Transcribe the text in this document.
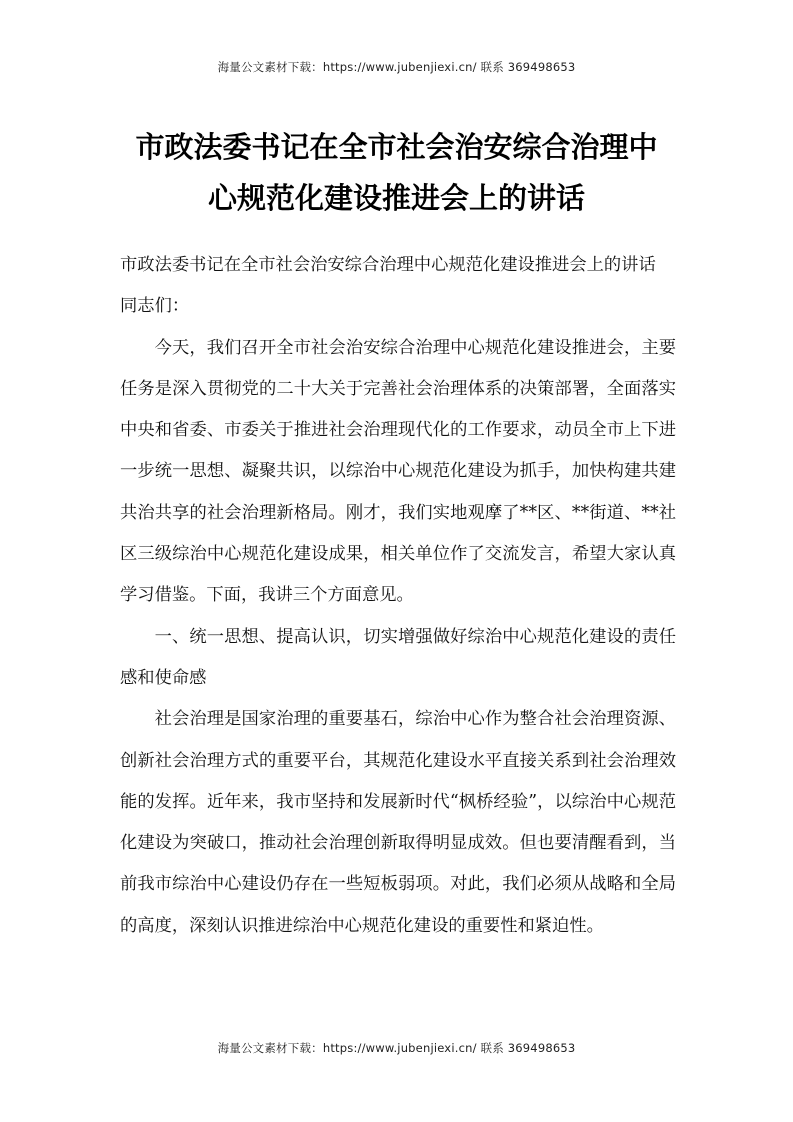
海量公文素材下载：https://www.jubenjiexi.cn/ 联系 369498653
市政法委书记在全市社会治安综合治理中
心规范化建设推进会上的讲话

市政法委书记在全市社会治安综合治理中心规范化建设推进会上的讲话

同志们：

今天，我们召开全市社会治安综合治理中心规范化建设推进会，主要任务是深入贯彻党的二十大关于完善社会治理体系的决策部署，全面落实中央和省委、市委关于推进社会治理现代化的工作要求，动员全市上下进一步统一思想、凝聚共识，以综治中心规范化建设为抓手，加快构建共建共治共享的社会治理新格局。刚才，我们实地观摩了**区、**街道、**社区三级综治中心规范化建设成果，相关单位作了交流发言，希望大家认真学习借鉴。下面，我讲三个方面意见。

一、统一思想、提高认识，切实增强做好综治中心规范化建设的责任感和使命感

社会治理是国家治理的重要基石，综治中心作为整合社会治理资源、创新社会治理方式的重要平台，其规范化建设水平直接关系到社会治理效能的发挥。近年来，我市坚持和发展新时代“枫桥经验”，以综治中心规范化建设为突破口，推动社会治理创新取得明显成效。但也要清醒看到，当前我市综治中心建设仍存在一些短板弱项。对此，我们必须从战略和全局的高度，深刻认识推进综治中心规范化建设的重要性和紧迫性。

海量公文素材下载：https://www.jubenjiexi.cn/ 联系 369498653
